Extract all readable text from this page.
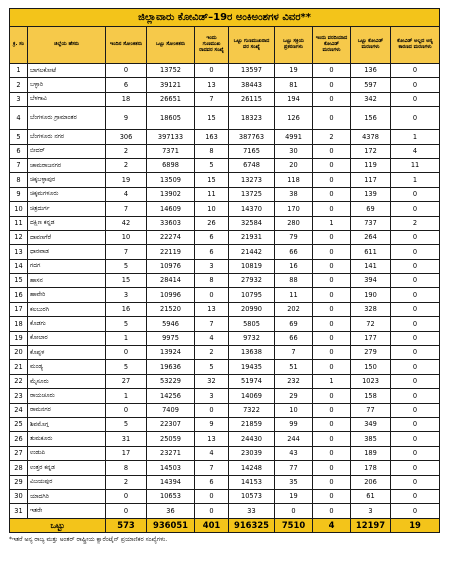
ಜಿಲ್ಲಾವಾರು ಕೋವಿಡ್–19ರ ಅಂಕಿಅಂಶಗಳ ವಿವರ**									
ಕ್ರ. ಸಂ	ಜಿಲ್ಲೆಯ ಹೆಸರು	ಇಂದಿನ ಸೋಂಕಿತರು	ಒಟ್ಟು ಸೋಂಕಿತರು	ಇಂದು ಗುಣಮುಖ ರಾದವರ ಸಂಖ್ಯೆ	ಒಟ್ಟು ಗುಣಮುಖರಾದ ವರ ಸಂಖ್ಯೆ	ಒಟ್ಟು ಸಕ್ರಿಯ ಪ್ರಕರಣಗಳು	ಇಂದು ವರದಿಯಾದ ಕೋವಿಡ್ ಮರಣಗಳು	ಒಟ್ಟು ಕೋವಿಡ್ ಮರಣಗಳು	ಕೋವಿಡ್ ಅಲ್ಲದ ಅನ್ಯ ಕಾರಣದ ಮರಣಗಳು
1	ಬಾಗಲಕೋಟೆ	0	13752	0	13597	19	0	136	0
2	ಬಳ್ಳಾರಿ	6	39121	13	38443	81	0	597	0
3	ಬೆಳಗಾವಿ	18	26651	7	26115	194	0	342	0
4	ಬೆಂಗಳೂರು ಗ್ರಾಮಾಂತರ	9	18605	15	18323	126	0	156	0
5	ಬೆಂಗಳೂರು ನಗರ	306	397133	163	387763	4991	2	4378	1
6	ಬೀದರ್	2	7371	8	7165	30	0	172	4
7	ಚಾಮರಾಜನಗರ	2	6898	5	6748	20	0	119	11
8	ಚಿಕ್ಕಬಳ್ಳಾಪುರ	19	13509	15	13273	118	0	117	1
9	ಚಿಕ್ಕಮಗಳೂರು	4	13902	11	13725	38	0	139	0
10	ಚಿತ್ರದುರ್ಗ	7	14609	10	14370	170	0	69	0
11	ದಕ್ಷಿಣ ಕನ್ನಡ	42	33603	26	32584	280	1	737	2
12	ದಾವಣಗೆರೆ	10	22274	6	21931	79	0	264	0
13	ಧಾರವಾಡ	7	22119	6	21442	66	0	611	0
14	ಗದಗ	5	10976	3	10819	16	0	141	0
15	ಹಾಸನ	15	28414	8	27932	88	0	394	0
16	ಹಾವೇರಿ	3	10996	0	10795	11	0	190	0
17	ಕಲಬುರಗಿ	16	21520	13	20990	202	0	328	0
18	ಕೊಡಗು	5	5946	7	5805	69	0	72	0
19	ಕೋಲಾರ	1	9975	4	9732	66	0	177	0
20	ಕೊಪ್ಪಳ	0	13924	2	13638	7	0	279	0
21	ಮಂಡ್ಯ	5	19636	5	19435	51	0	150	0
22	ಮೈಸೂರು	27	53229	32	51974	232	1	1023	0
23	ರಾಯಚೂರು	1	14256	3	14069	29	0	158	0
24	ರಾಮನಗರ	0	7409	0	7322	10	0	77	0
25	ಶಿವಮೊಗ್ಗ	5	22307	9	21859	99	0	349	0
26	ತುಮಕೂರು	31	25059	13	24430	244	0	385	0
27	ಉಡುಪಿ	17	23271	4	23039	43	0	189	0
28	ಉತ್ತರ ಕನ್ನಡ	8	14503	7	14248	77	0	178	0
29	ವಿಜಯಪುರ	2	14394	6	14153	35	0	206	0
30	ಯಾದಗಿರಿ	0	10653	0	10573	19	0	61	0
31	ಇತರೇ	0	36	0	33	0	0	3	0
ಒಟ್ಟು		573	936051	401	916325	7510	4	12197	19
*ಇತರೆ ಅನ್ಯ ರಾಜ್ಯ ಮತ್ತು ಅಂತರ್ ರಾಷ್ಟ್ರೀಯ ಕ್ವಾರೆಂಟೈನ್ ಪ್ರಯಾಣಿಕರ ಸಂಖ್ಯೆಗಳು.
